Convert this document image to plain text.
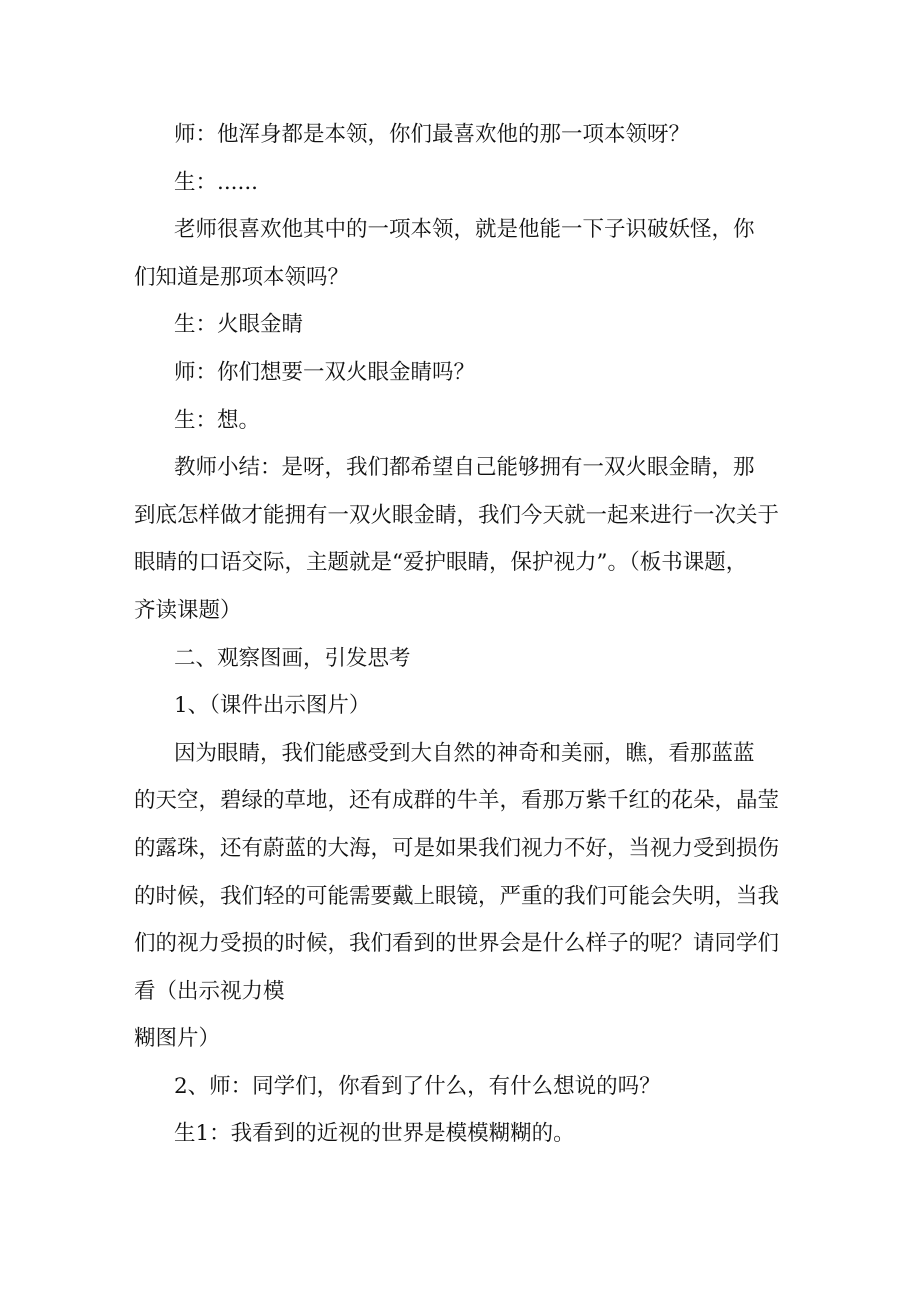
师：他浑身都是本领，你们最喜欢他的那一项本领呀？
生：......
老师很喜欢他其中的一项本领，就是他能一下子识破妖怪，你
们知道是那项本领吗？
生：火眼金睛
师：你们想要一双火眼金睛吗？
生：想。
教师小结：是呀，我们都希望自己能够拥有一双火眼金睛，那
到底怎样做才能拥有一双火眼金睛，我们今天就一起来进行一次关于
眼睛的口语交际，主题就是“爱护眼睛，保护视力”。（板书课题，
齐读课题）
二、观察图画，引发思考
1、（课件出示图片）
因为眼睛，我们能感受到大自然的神奇和美丽，瞧，看那蓝蓝
的天空，碧绿的草地，还有成群的牛羊，看那万紫千红的花朵，晶莹
的露珠，还有蔚蓝的大海，可是如果我们视力不好，当视力受到损伤
的时候，我们轻的可能需要戴上眼镜，严重的我们可能会失明，当我
们的视力受损的时候，我们看到的世界会是什么样子的呢？请同学们
看（出示视力模
糊图片）
2、师：同学们，你看到了什么，有什么想说的吗？
生1：我看到的近视的世界是模模糊糊的。
